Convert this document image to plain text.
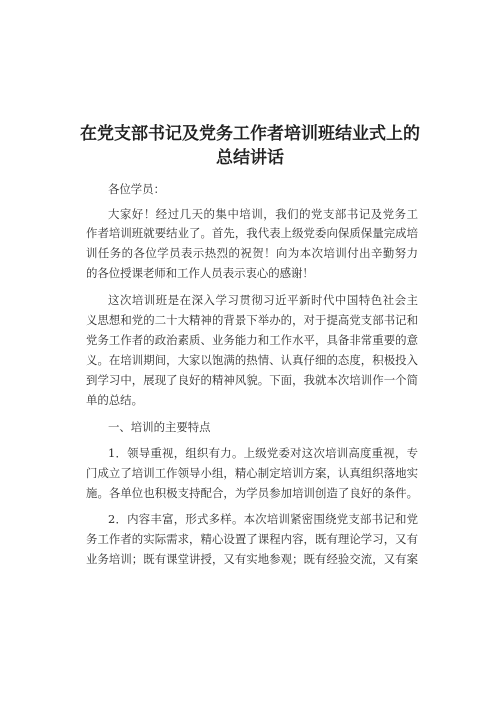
在党支部书记及党务工作者培训班结业式上的
总结讲话
各位学员：
大家好！经过几天的集中培训，我们的党支部书记及党务工
作者培训班就要结业了。首先，我代表上级党委向保质保量完成培
训任务的各位学员表示热烈的祝贺！向为本次培训付出辛勤努力
的各位授课老师和工作人员表示衷心的感谢！
这次培训班是在深入学习贯彻习近平新时代中国特色社会主
义思想和党的二十大精神的背景下举办的，对于提高党支部书记和
党务工作者的政治素质、业务能力和工作水平，具备非常重要的意
义。在培训期间，大家以饱满的热情、认真仔细的态度，积极投入
到学习中，展现了良好的精神风貌。下面，我就本次培训作一个简
单的总结。
一、培训的主要特点
1．领导重视，组织有力。上级党委对这次培训高度重视，专
门成立了培训工作领导小组，精心制定培训方案，认真组织落地实
施。各单位也积极支持配合，为学员参加培训创造了良好的条件。
2．内容丰富，形式多样。本次培训紧密围绕党支部书记和党
务工作者的实际需求，精心设置了课程内容，既有理论学习，又有
业务培训；既有课堂讲授，又有实地参观；既有经验交流，又有案
